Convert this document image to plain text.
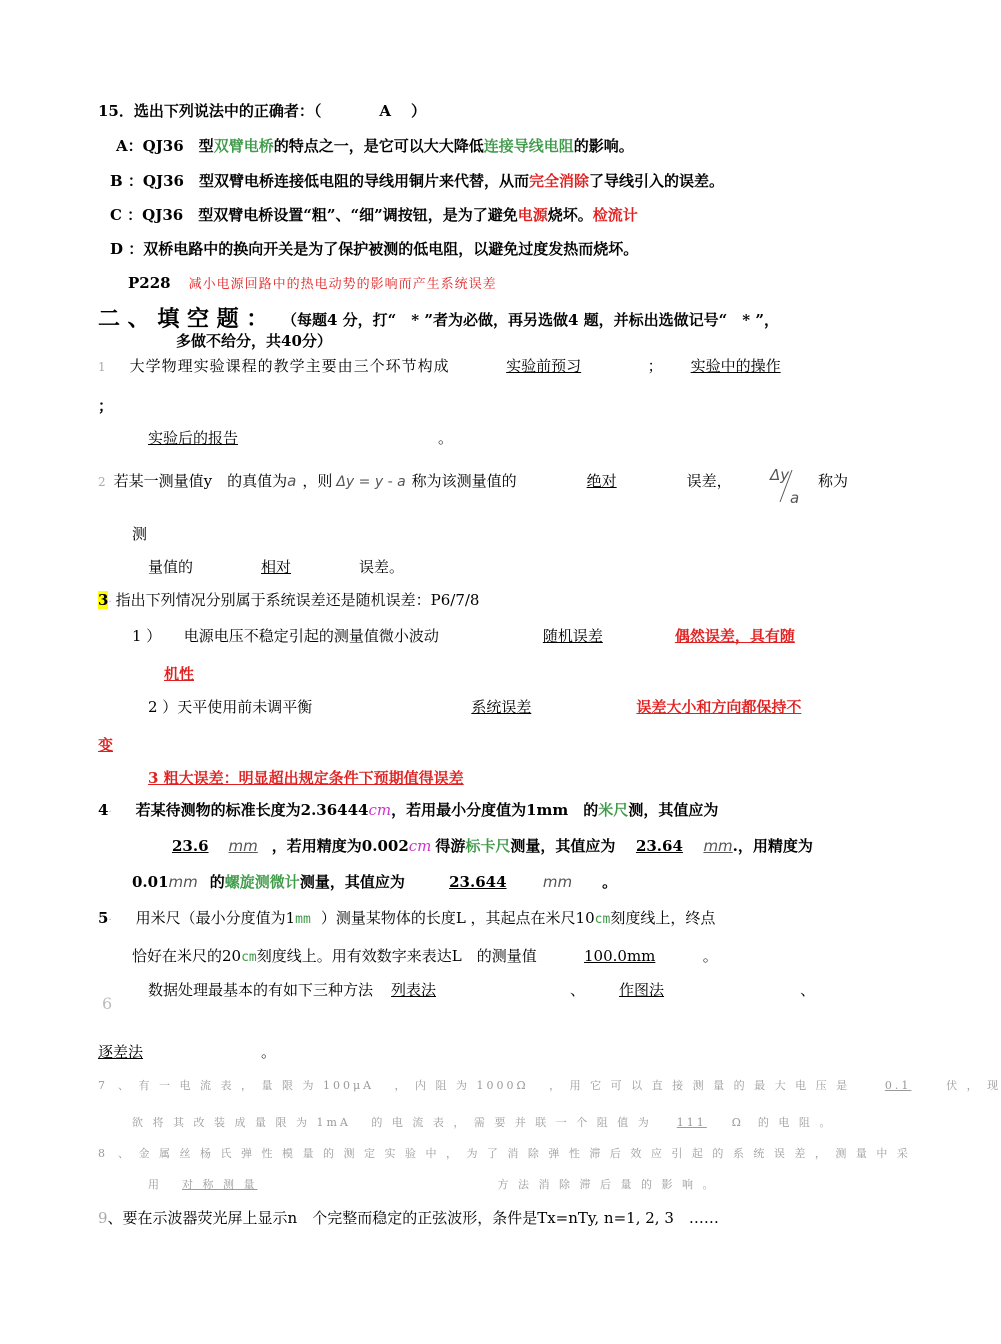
15．选出下列说法中的正确者：（	A ）
A：QJ36　型双臂电桥的特点之一，是它可以大大降低连接导线电阻的影响。
B ：QJ36　型双臂电桥连接低电阻的导线用铜片来代替，从而完全消除了导线引入的误差。
C ：QJ36　型双臂电桥设置“粗”、“细”调按钮，是为了避免电源烧坏。检流计
D ：双桥电路中的换向开关是为了保护被测的低电阻，以避免过度发热而烧坏。
P228 减小电源回路中的热电动势的影响而产生系统误差
二 、 填 空 题 ： （每题4 分，打“　* ”者为必做，再另选做4 题，并标出选做记号“　* ”，
多做不给分，共40分）
1 大学物理实验课程的教学主要由三个环节构成	实验前预习	； 实验中的操作
；
实验后的报告	。
2 若某一测量值y　的真值为a ，则 Δy = y - a 称为该测量值的	绝对	误差，	Δy
a
称为
测
量值的	相对	误差。
3· 指出下列情况分别属于系统误差还是随机误差：P6/7/8
1 ）　　电源电压不稳定引起的测量值微小波动	随机误差	偶然误差，具有随
机性
2 ）天平使用前未调平衡	系统误差	误差大小和方向都保持不
变
3 粗大误差：明显超出规定条件下预期值得误差
4· 若某待测物的标准长度为2.36444cm，若用最小分度值为1mm　的米尺测，其值应为
23.6 mm ，若用精度为0.002cm 得游标卡尺测量，其值应为 23.64 mm.，用精度为
0.01mm 的螺旋测微计测量，其值应为	23.644 mm 。
5· 用米尺（最小分度值为1mm ）测量某物体的长度L ，其起点在米尺10cm刻度线上，终点
恰好在米尺的20cm刻度线上。用有效数字来表达L　的测量值	100.0mm	。
6
数据处理最基本的有如下三种方法 列表法	、 作图法	、
逐差法	。
7 、 有 一 电 流 表 ， 量 限 为 100μA　 ， 内 阻 为 1000Ω　 ， 用 它 可 以 直 接 测 量 的 最 大 电 压 是	0.1	伏 ， 现
欲 将 其 改 装 成 量 限 为 1mA　 的 电 流 表 ， 需 要 并 联 一 个 阻 值 为 111 Ω　的 电 阻 。
8 、 金 属 丝 杨 氏 弹 性 模 量 的 测 定 实 验 中 ， 为 了 消 除 弹 性 滞 后 效 应 引 起 的 系 统 误 差 ， 测 量 中 采
用 对 称 测 量	方 法 消 除 滞 后 量 的 影 响 。
9、要在示波器荧光屏上显示n　个完整而稳定的正弦波形，条件是Tx=nTy, n=1, 2, 3　……
